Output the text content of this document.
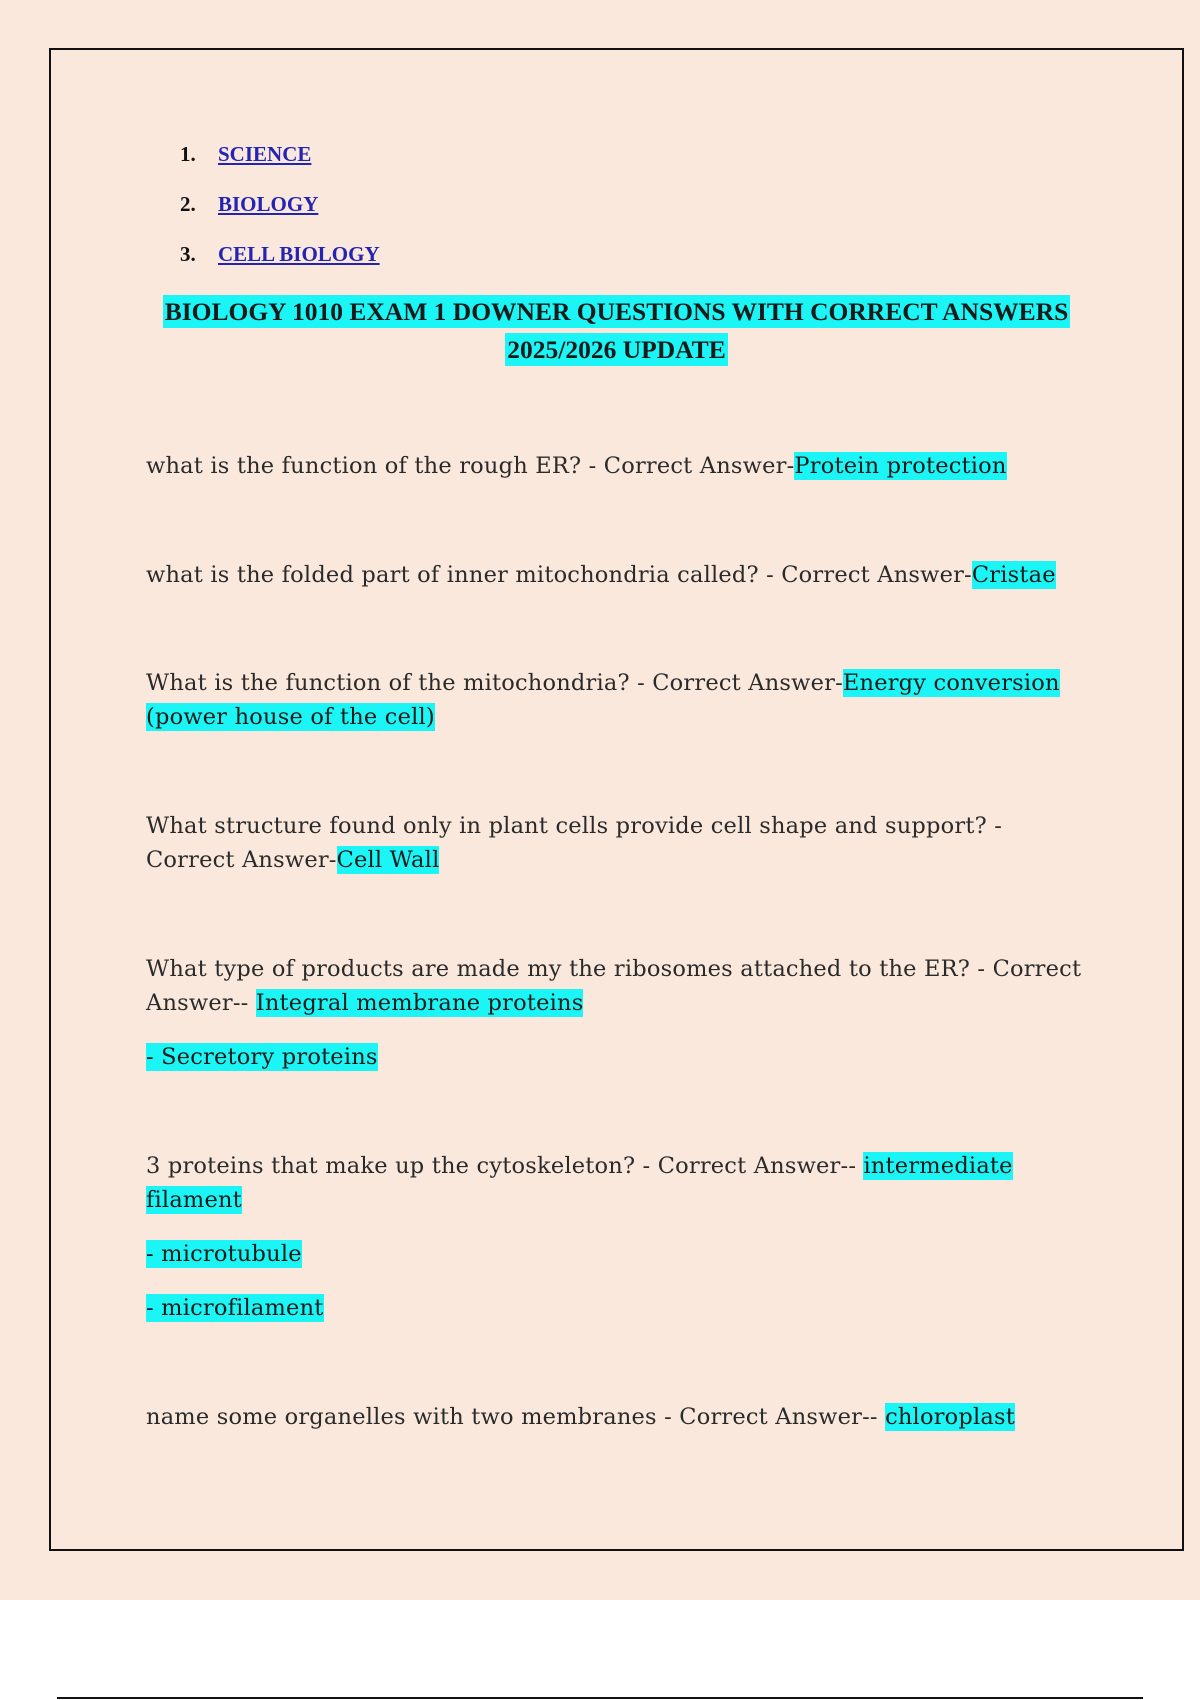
1.	SCIENCE
2.	BIOLOGY
3.	CELL BIOLOGY
BIOLOGY 1010 EXAM 1 DOWNER QUESTIONS WITH CORRECT ANSWERS
2025/2026 UPDATE

what is the function of the rough ER? - Correct Answer-Protein protection

what is the folded part of inner mitochondria called? - Correct Answer-Cristae

What is the function of the mitochondria? - Correct Answer-Energy conversion (power house of the cell)

What structure found only in plant cells provide cell shape and support? - Correct Answer-Cell Wall

What type of products are made my the ribosomes attached to the ER? - Correct Answer-- Integral membrane proteins

- Secretory proteins

3 proteins that make up the cytoskeleton? - Correct Answer-- intermediate filament

- microtubule

- microfilament

name some organelles with two membranes - Correct Answer-- chloroplast
